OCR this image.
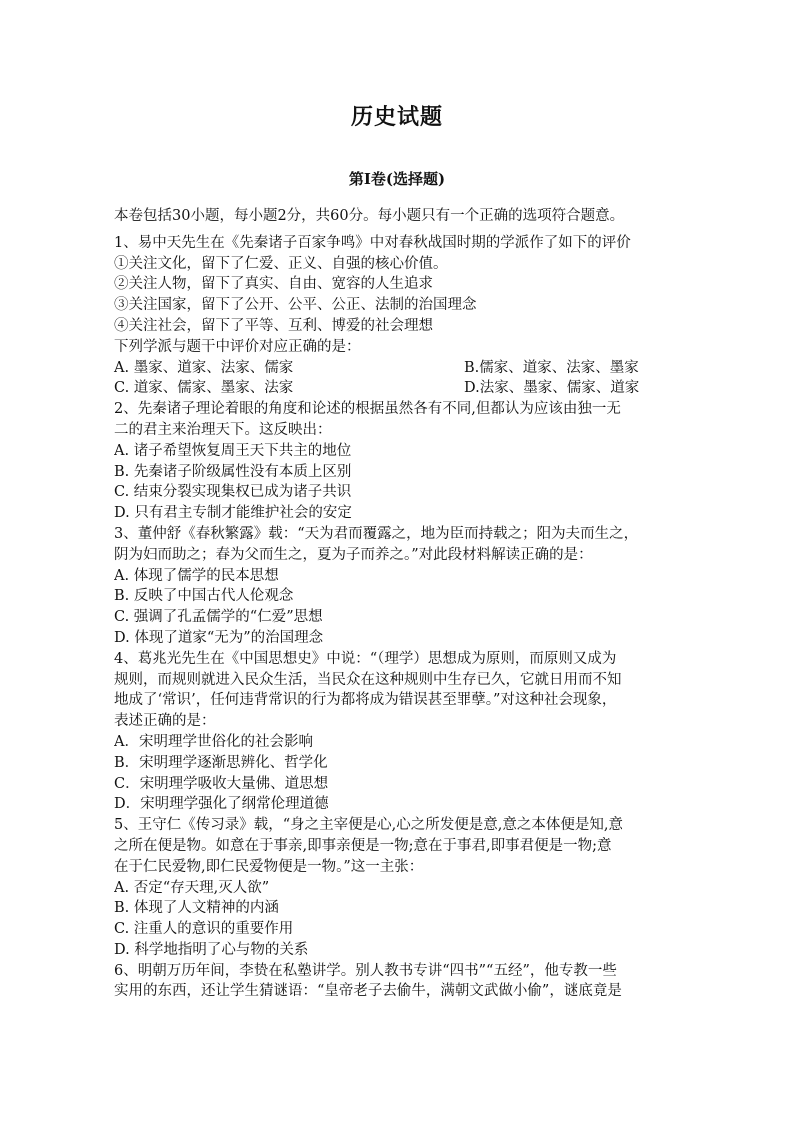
历史试题
第I卷(选择题)
本卷包括30小题，每小题2分，共60分。每小题只有一个正确的选项符合题意。
1、易中天先生在《先秦诸子百家争鸣》中对春秋战国时期的学派作了如下的评价
①关注文化，留下了仁爱、正义、自强的核心价值。
②关注人物，留下了真实、自由、宽容的人生追求
③关注国家，留下了公开、公平、公正、法制的治国理念
④关注社会，留下了平等、互利、博爱的社会理想
下列学派与题干中评价对应正确的是：
A. 墨家、道家、法家、儒家	B.儒家、道家、法家、墨家
C. 道家、儒家、墨家、法家	D.法家、墨家、儒家、道家
2、先秦诸子理论着眼的角度和论述的根据虽然各有不同,但都认为应该由独一无
二的君主来治理天下。这反映出：
A. 诸子希望恢复周王天下共主的地位
B. 先秦诸子阶级属性没有本质上区别
C. 结束分裂实现集权已成为诸子共识
D. 只有君主专制才能维护社会的安定
3、董仲舒《春秋繁露》载：“天为君而覆露之，地为臣而持载之；阳为夫而生之，
阴为妇而助之；春为父而生之，夏为子而养之。”对此段材料解读正确的是：
A. 体现了儒学的民本思想
B. 反映了中国古代人伦观念
C. 强调了孔孟儒学的“仁爱”思想
D. 体现了道家“无为”的治国理念
4、葛兆光先生在《中国思想史》中说：“（理学）思想成为原则，而原则又成为
规则，而规则就进入民众生活，当民众在这种规则中生存已久，它就日用而不知
地成了‘常识’，任何违背常识的行为都将成为错误甚至罪孽。”对这种社会现象，
表述正确的是：
A．宋明理学世俗化的社会影响
B．宋明理学逐渐思辨化、哲学化
C．宋明理学吸收大量佛、道思想
D．宋明理学强化了纲常伦理道德
5、王守仁《传习录》载，“身之主宰便是心,心之所发便是意,意之本体便是知,意
之所在便是物。如意在于事亲,即事亲便是一物;意在于事君,即事君便是一物;意
在于仁民爱物,即仁民爱物便是一物。”这一主张：
A. 否定“存天理,灭人欲”
B. 体现了人文精神的内涵
C. 注重人的意识的重要作用
D. 科学地指明了心与物的关系
6、明朝万历年间，李贽在私塾讲学。别人教书专讲“四书”“五经”，他专教一些
实用的东西，还让学生猜谜语：“皇帝老子去偷牛，满朝文武做小偷”，谜底竟是
